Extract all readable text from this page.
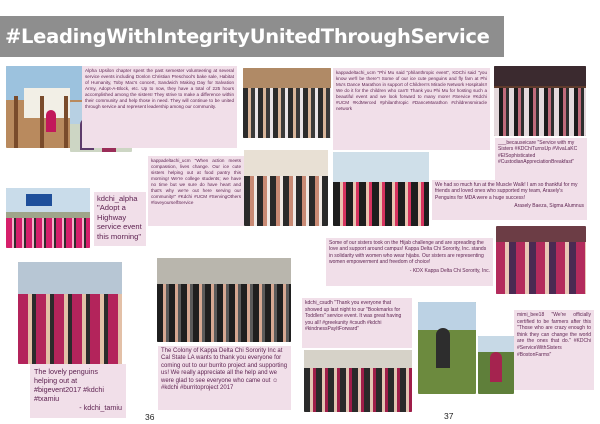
#LeadingWithIntegrityUnitedThroughService
Alpha Upsilon chapter spent the past semester volunteering at several service events including Donlon Christian Preschool's bake sale, Habitat of Humanity, Toby Mac's concert, Sandwich Making Day for Salvation Army, Adopt-A-Block, etc. Up to now, they have a total of 225 hours accomplished among the sisters! They strive to make a difference within their community and help those in need. They will continue to be united through service and represent leadership among our community.
kappadeltachi_ucm "Phi Mu said "philanthropic event", KDChi said "you know we'll be there"! Some of our ice cute penguins and fly fam at Phi Mu's Dance Marathon in support of Children's Miracle Network Hospitals!! We do it for the children who can't! Thank you Phi Mu for hosting such a beautiful event and we look forward to many more! #Service #Kdchi #UCM #KdMerced #philanthropic #DanceMarathon #childrensmiracle network
___becauseicare "Service with my Sisters #KDChiTurnsUp #VivaLaKC #ElSophisticated #CustodianAppreciationBreakfast"
kdchi_alpha "Adopt a Highway service event this morning"
kappadeltachi_ucm "When action meets compassion, lives change. Our ice cute sisters helping out at food pantry this morning! We're college students; we have no time but we sure do have heart and that's why we're out here serving our community!" #Kdchi #UCM #ServingOthers #loveyourselfService
We had so much fun at the Muscle Walk! I am so thankful for my friends and loved ones who supported my team, Arasely's Penguins for MDA were a huge success!

Arasely Baeza, Sigma Alumnus
Some of our sisters took on the Hijab challenge and are spreading the love and support around campus! Kappa Delta Chi Sorority, Inc. stands in solidarity with women who wear hijabs. Our sisters are representing women empowerment and freedom of choice!

- KDX Kappa Delta Chi Sorority, Inc.
The lovely penguins helping out at #bigevent2017 #kdchi #txamiu

- kdchi_tamiu
The Colony of Kappa Delta Chi Sorority Inc at Cal State LA wants to thank you everyone for coming out to our burrito project and supporting us! We really appreciate all the help and we were glad to see everyone who came out ☺ #kdchi #burritoproject 2017
kdchi_csudh "Thank you everyone that showed up last night to our "Bookmarks for Toddlers" service event. It was great having you all! #greekunity #csudh #kdchi #kindnessPayItForward"
mimi_bee18 "We're officially certified to be farmers after this "Those who are crazy enough to think they can change the world are the ones that do." #KDChi #ServiceWithSisters #BostonFarms"
36	37
